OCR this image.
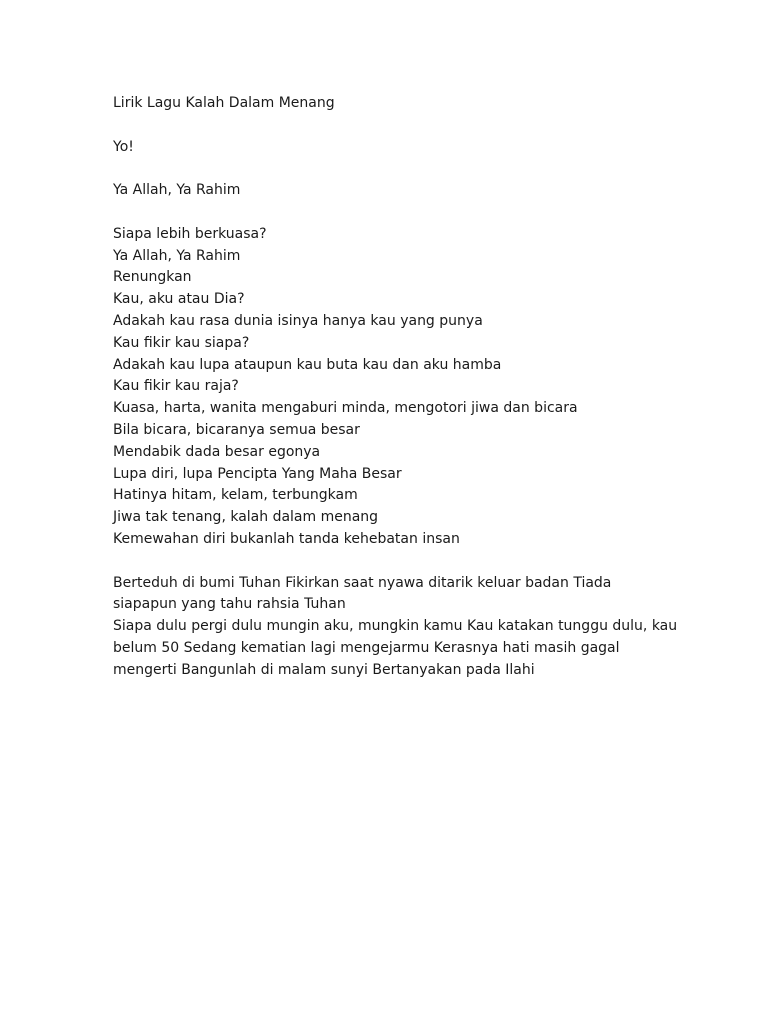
Lirik Lagu Kalah Dalam Menang
Yo!
Ya Allah, Ya Rahim
Siapa lebih berkuasa?
Ya Allah, Ya Rahim
Renungkan
Kau, aku atau Dia?
Adakah kau rasa dunia isinya hanya kau yang punya
Kau fikir kau siapa?
Adakah kau lupa ataupun kau buta kau dan aku hamba
Kau fikir kau raja?
Kuasa, harta, wanita mengaburi minda, mengotori jiwa dan bicara
Bila bicara, bicaranya semua besar
Mendabik dada besar egonya
Lupa diri, lupa Pencipta Yang Maha Besar
Hatinya hitam, kelam, terbungkam
Jiwa tak tenang, kalah dalam menang
Kemewahan diri bukanlah tanda kehebatan insan
Berteduh di bumi Tuhan Fikirkan saat nyawa ditarik keluar badan Tiada
siapapun yang tahu rahsia Tuhan
Siapa dulu pergi dulu mungin aku, mungkin kamu Kau katakan tunggu dulu, kau
belum 50 Sedang kematian lagi mengejarmu Kerasnya hati masih gagal
mengerti Bangunlah di malam sunyi Bertanyakan pada Ilahi
